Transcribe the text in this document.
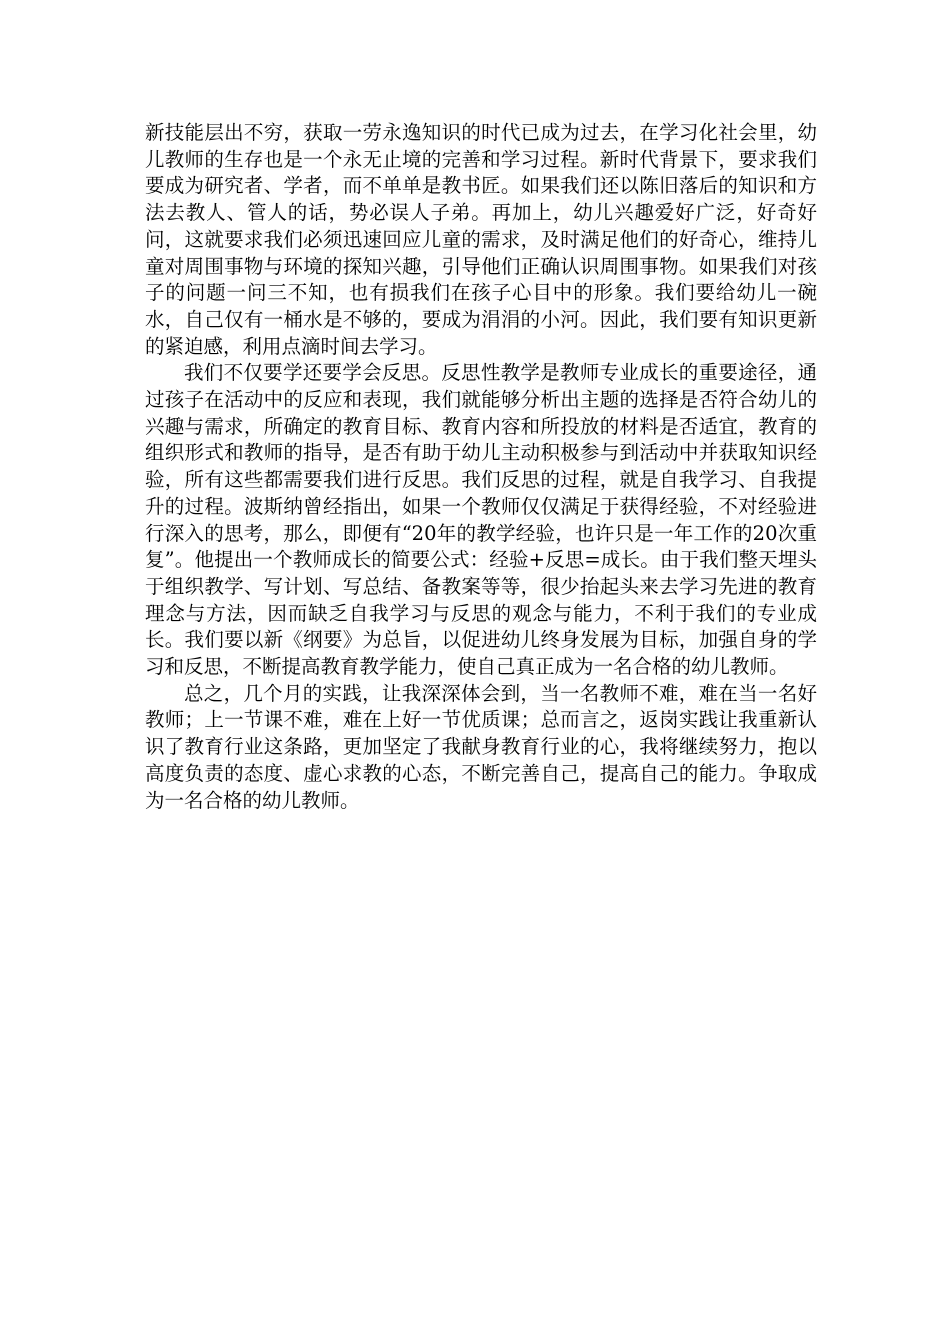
新技能层出不穷，获取一劳永逸知识的时代已成为过去，在学习化社会里，幼儿教师的生存也是一个永无止境的完善和学习过程。新时代背景下，要求我们要成为研究者、学者，而不单单是教书匠。如果我们还以陈旧落后的知识和方法去教人、管人的话，势必误人子弟。再加上，幼儿兴趣爱好广泛，好奇好问，这就要求我们必须迅速回应儿童的需求，及时满足他们的好奇心，维持儿童对周围事物与环境的探知兴趣，引导他们正确认识周围事物。如果我们对孩子的问题一问三不知，也有损我们在孩子心目中的形象。我们要给幼儿一碗水，自己仅有一桶水是不够的，要成为涓涓的小河。因此，我们要有知识更新的紧迫感，利用点滴时间去学习。

我们不仅要学还要学会反思。反思性教学是教师专业成长的重要途径，通过孩子在活动中的反应和表现，我们就能够分析出主题的选择是否符合幼儿的兴趣与需求，所确定的教育目标、教育内容和所投放的材料是否适宜，教育的组织形式和教师的指导，是否有助于幼儿主动积极参与到活动中并获取知识经验，所有这些都需要我们进行反思。我们反思的过程，就是自我学习、自我提升的过程。波斯纳曾经指出，如果一个教师仅仅满足于获得经验，不对经验进行深入的思考，那么，即便有“20年的教学经验，也许只是一年工作的20次重复”。他提出一个教师成长的简要公式：经验+反思=成长。由于我们整天埋头于组织教学、写计划、写总结、备教案等等，很少抬起头来去学习先进的教育理念与方法，因而缺乏自我学习与反思的观念与能力，不利于我们的专业成长。我们要以新《纲要》为总旨，以促进幼儿终身发展为目标，加强自身的学习和反思，不断提高教育教学能力，使自己真正成为一名合格的幼儿教师。

总之，几个月的实践，让我深深体会到，当一名教师不难，难在当一名好教师；上一节课不难，难在上好一节优质课；总而言之，返岗实践让我重新认识了教育行业这条路，更加坚定了我献身教育行业的心，我将继续努力，抱以高度负责的态度、虚心求教的心态，不断完善自己，提高自己的能力。争取成为一名合格的幼儿教师。
